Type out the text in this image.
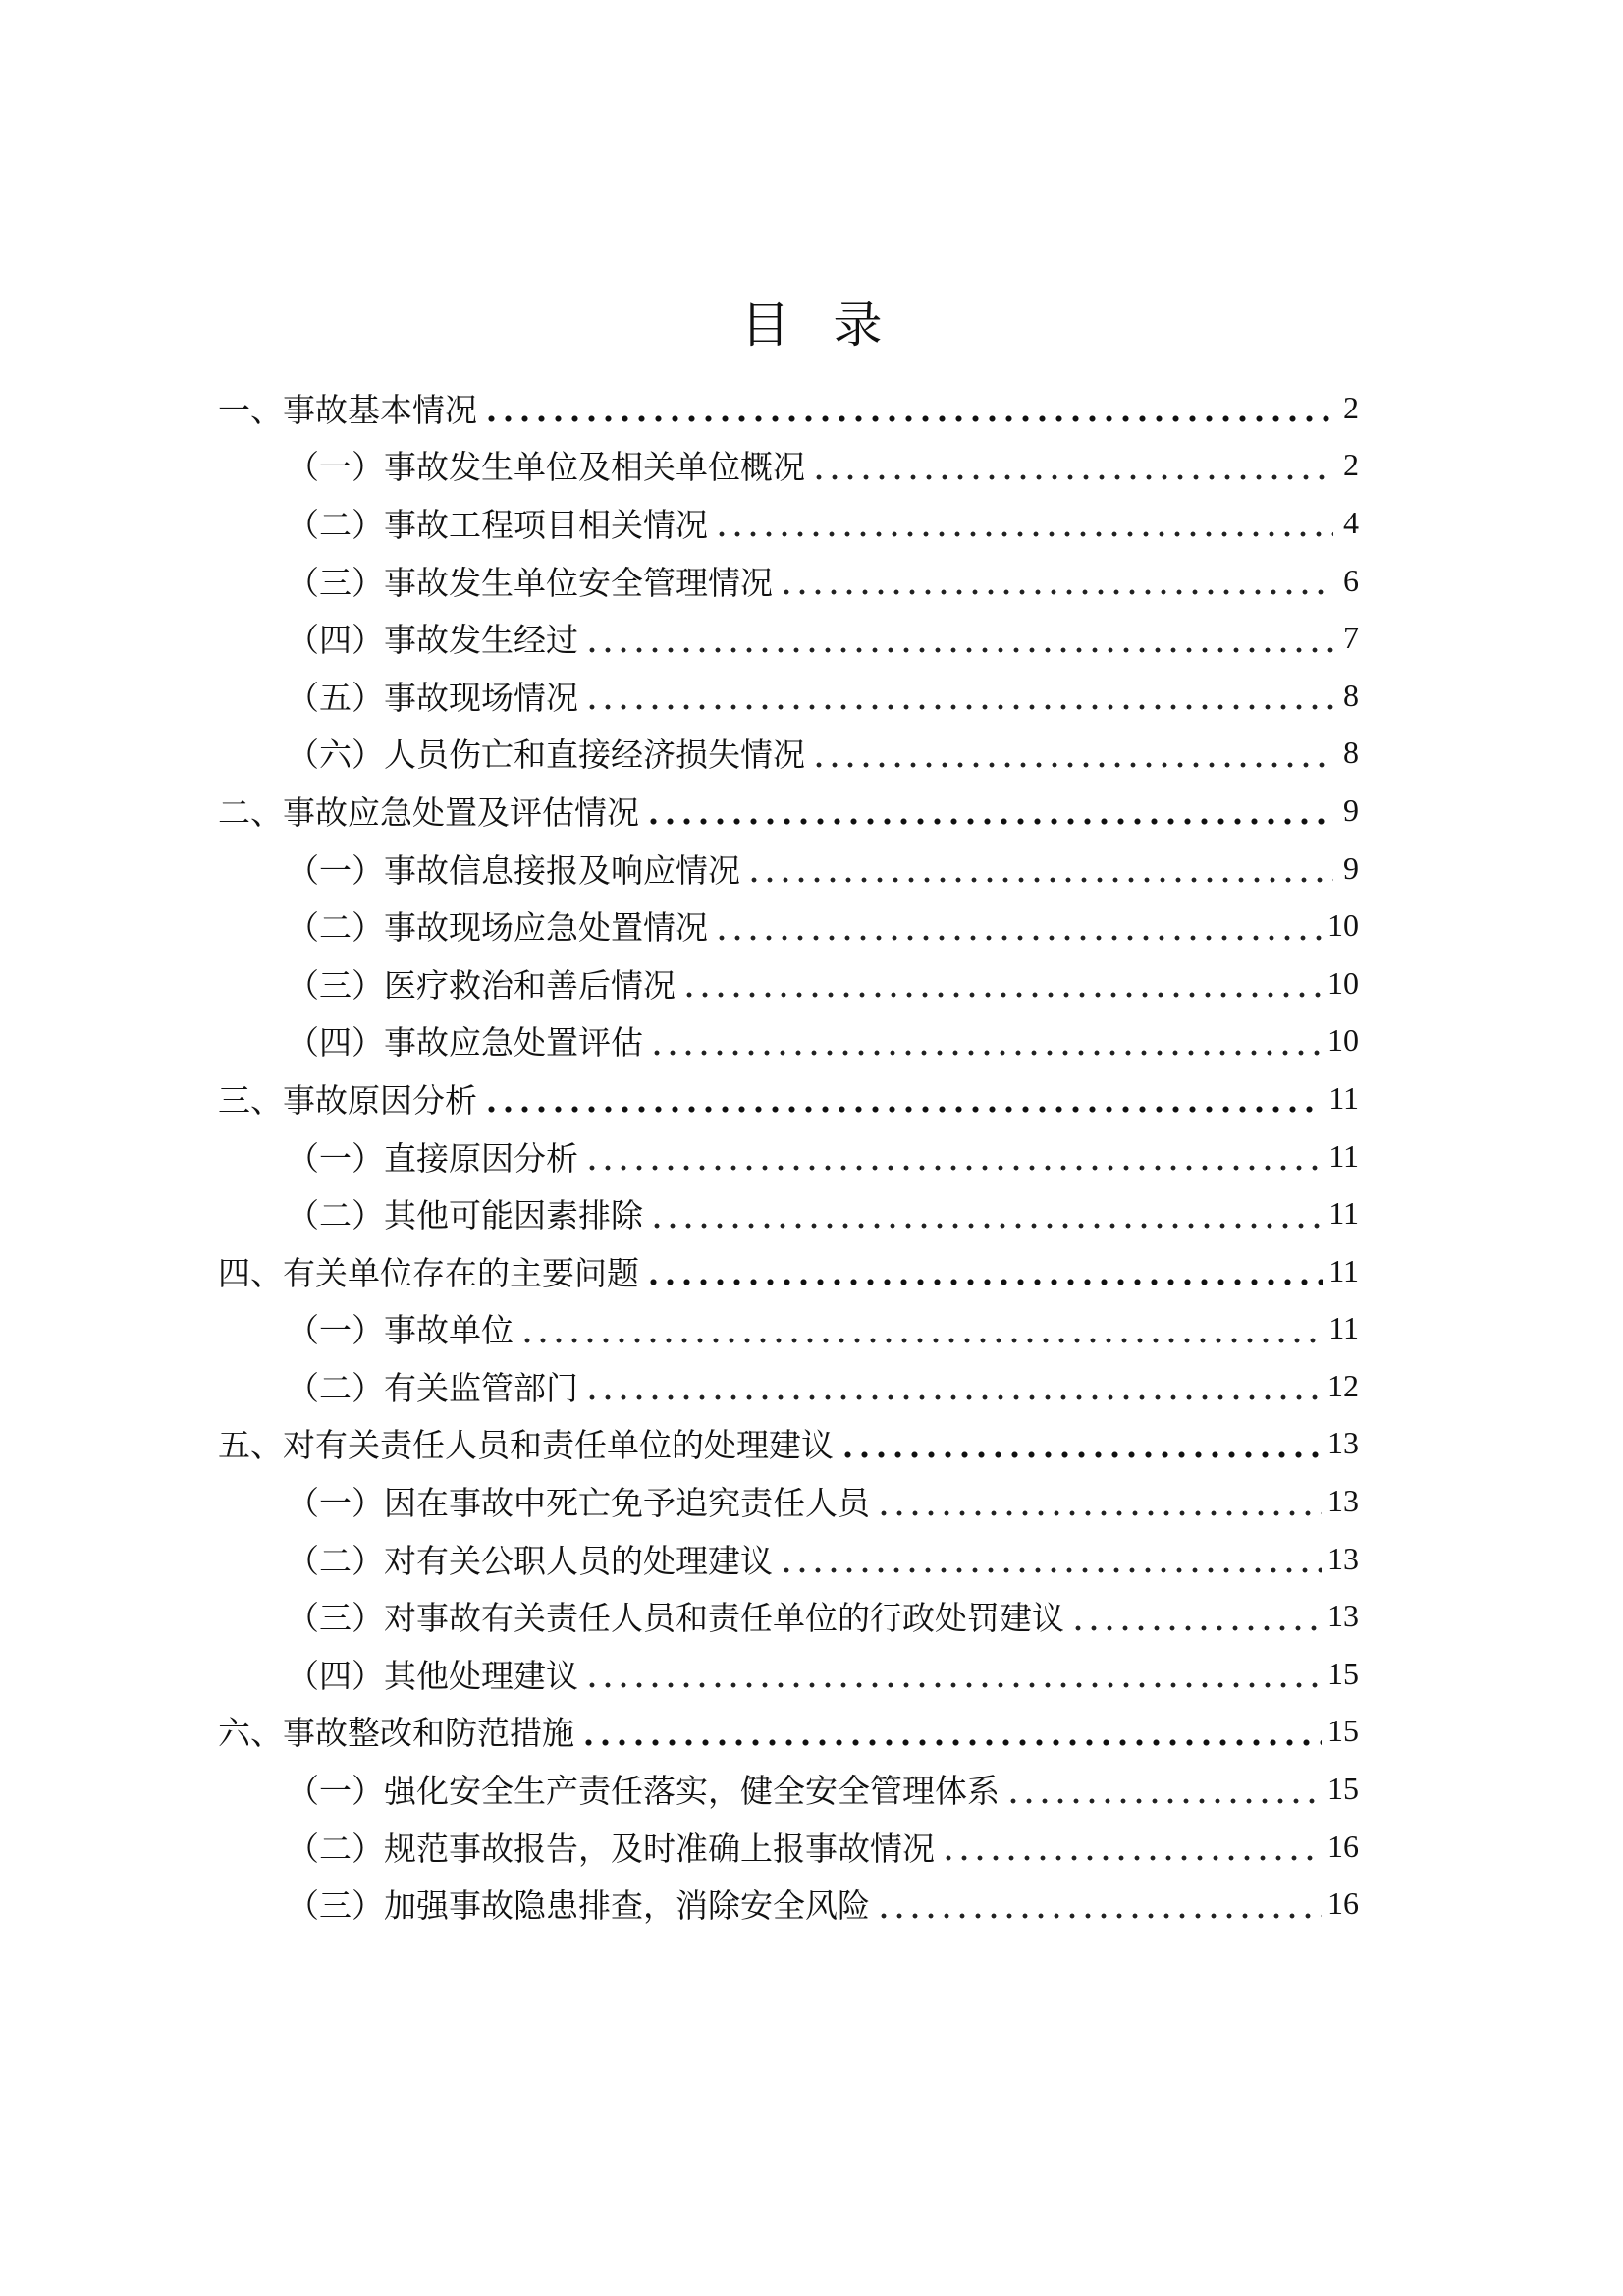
目 录
一、事故基本情况	2
（一）事故发生单位及相关单位概况	2
（二）事故工程项目相关情况	4
（三）事故发生单位安全管理情况	6
（四）事故发生经过	7
（五）事故现场情况	8
（六）人员伤亡和直接经济损失情况	8
二、事故应急处置及评估情况	9
（一）事故信息接报及响应情况	9
（二）事故现场应急处置情况	10
（三）医疗救治和善后情况	10
（四）事故应急处置评估	10
三、事故原因分析	11
（一）直接原因分析	11
（二）其他可能因素排除	11
四、有关单位存在的主要问题	11
（一）事故单位	11
（二）有关监管部门	12
五、对有关责任人员和责任单位的处理建议	13
（一）因在事故中死亡免予追究责任人员	13
（二）对有关公职人员的处理建议	13
（三）对事故有关责任人员和责任单位的行政处罚建议	13
（四）其他处理建议	15
六、事故整改和防范措施	15
（一）强化安全生产责任落实，健全安全管理体系	15
（二）规范事故报告，及时准确上报事故情况	16
（三）加强事故隐患排查，消除安全风险	16
